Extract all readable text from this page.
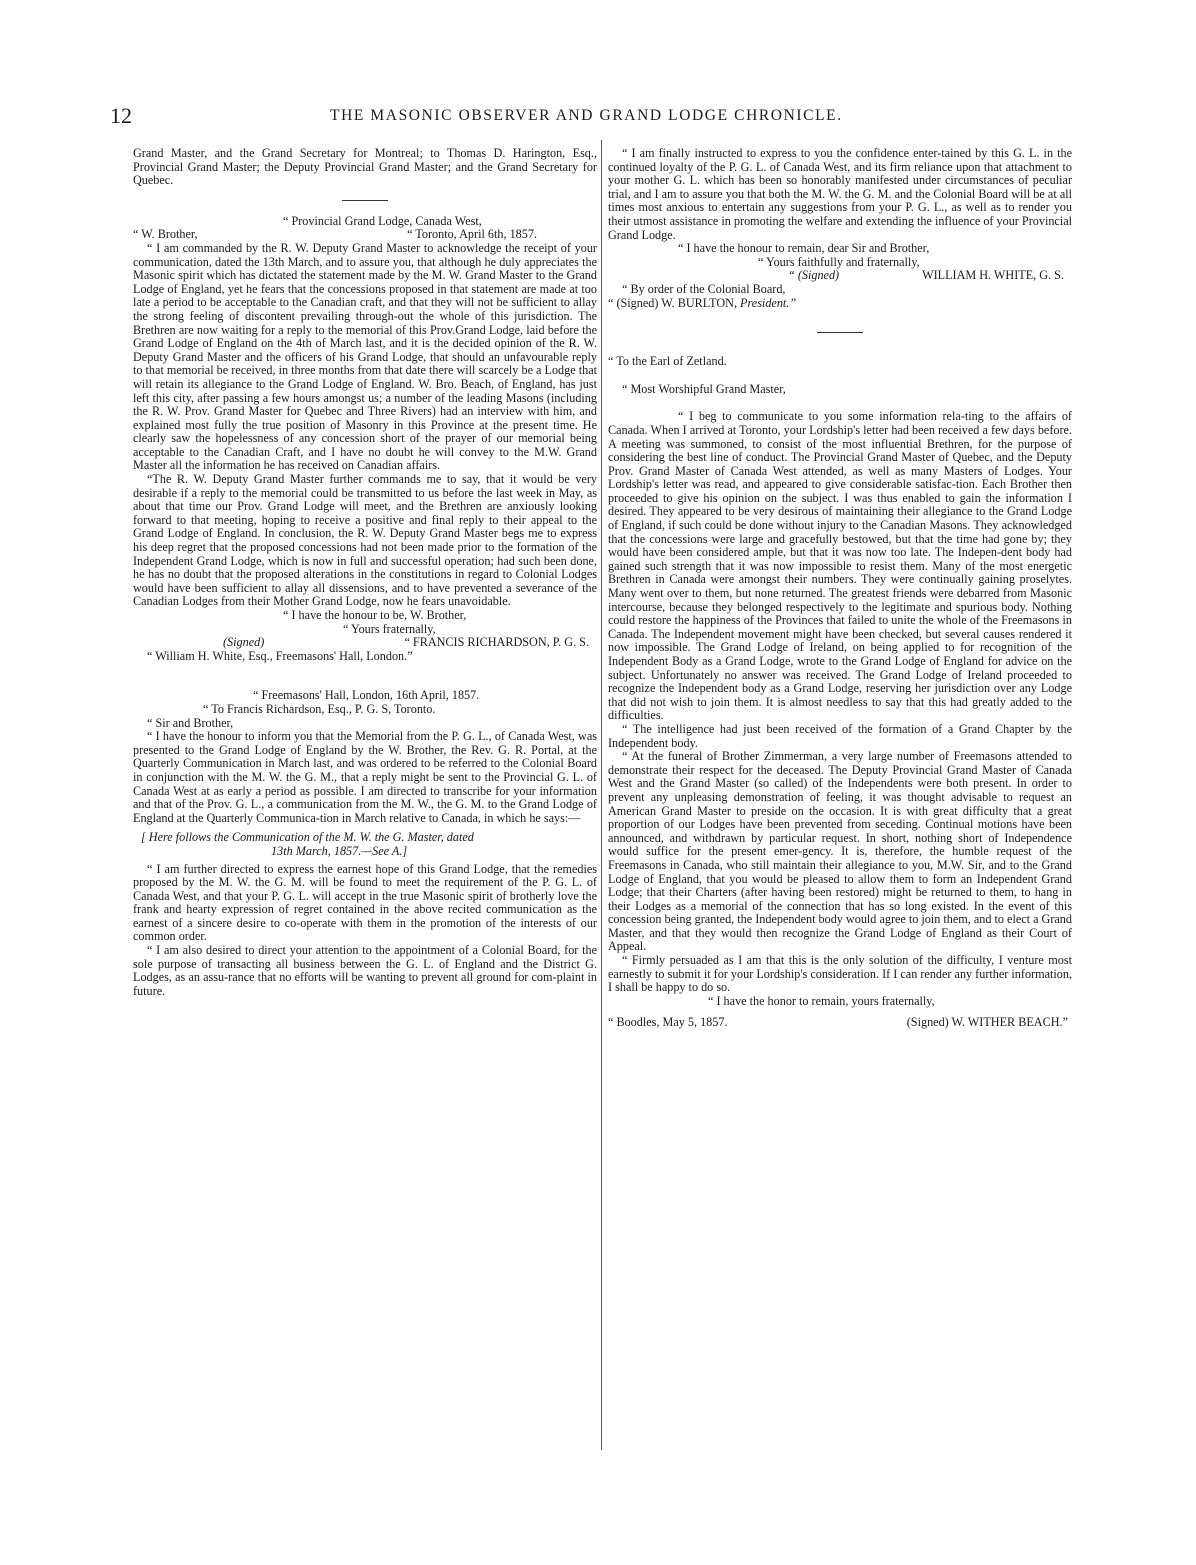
12	THE MASONIC OBSERVER AND GRAND LODGE CHRONICLE.

Grand Master, and the Grand Secretary for Montreal; to Thomas D. Harington, Esq., Provincial Grand Master; the Deputy Provincial Grand Master; and the Grand Secretary for Quebec.

“ Provincial Grand Lodge, Canada West,

“ W. Brother,	“ Toronto, April 6th, 1857.

“ I am commanded by the R. W. Deputy Grand Master to acknowledge the receipt of your communication, dated the 13th March, and to assure you, that although he duly appreciates the Masonic spirit which has dictated the statement made by the M. W. Grand Master to the Grand Lodge of England, yet he fears that the concessions proposed in that statement are made at too late a period to be acceptable to the Canadian craft, and that they will not be sufficient to allay the strong feeling of discontent prevailing through-out the whole of this jurisdiction. The Brethren are now waiting for a reply to the memorial of this Prov.Grand Lodge, laid before the Grand Lodge of England on the 4th of March last, and it is the decided opinion of the R. W. Deputy Grand Master and the officers of his Grand Lodge, that should an unfavourable reply to that memorial be received, in three months from that date there will scarcely be a Lodge that will retain its allegiance to the Grand Lodge of England. W. Bro. Beach, of England, has just left this city, after passing a few hours amongst us; a number of the leading Masons (including the R. W. Prov. Grand Master for Quebec and Three Rivers) had an interview with him, and explained most fully the true position of Masonry in this Province at the present time. He clearly saw the hopelessness of any concession short of the prayer of our memorial being acceptable to the Canadian Craft, and I have no doubt he will convey to the M.W. Grand Master all the information he has received on Canadian affairs.

“The R. W. Deputy Grand Master further commands me to say, that it would be very desirable if a reply to the memorial could be transmitted to us before the last week in May, as about that time our Prov. Grand Lodge will meet, and the Brethren are anxiously looking forward to that meeting, hoping to receive a positive and final reply to their appeal to the Grand Lodge of England. In conclusion, the R. W. Deputy Grand Master begs me to express his deep regret that the proposed concessions had not been made prior to the formation of the Independent Grand Lodge, which is now in full and successful operation; had such been done, he has no doubt that the proposed alterations in the constitutions in regard to Colonial Lodges would have been sufficient to allay all dissensions, and to have prevented a severance of the Canadian Lodges from their Mother Grand Lodge, now he fears unavoidable.

“ I have the honour to be, W. Brother,

“ Yours fraternally,

(Signed)	“ FRANCIS RICHARDSON, P. G. S.

“ William H. White, Esq., Freemasons' Hall, London.”

“ Freemasons' Hall, London, 16th April, 1857.

“ To Francis Richardson, Esq., P. G. S, Toronto.

“ Sir and Brother,

“ I have the honour to inform you that the Memorial from the P. G. L., of Canada West, was presented to the Grand Lodge of England by the W. Brother, the Rev. G. R. Portal, at the Quarterly Communication in March last, and was ordered to be referred to the Colonial Board in conjunction with the M. W. the G. M., that a reply might be sent to the Provincial G. L. of Canada West at as early a period as possible. I am directed to transcribe for your information and that of the Prov. G. L., a communication from the M. W., the G. M. to the Grand Lodge of England at the Quarterly Communica-tion in March relative to Canada, in which he says:—

[ Here follows the Communication of the M. W. the G. Master, dated
13th March, 1857.—See A.]

“ I am further directed to express the earnest hope of this Grand Lodge, that the remedies proposed by the M. W. the G. M. will be found to meet the requirement of the P. G. L. of Canada West, and that your P. G. L. will accept in the true Masonic spirit of brotherly love the frank and hearty expression of regret contained in the above recited communication as the earnest of a sincere desire to co-operate with them in the promotion of the interests of our common order.

“ I am also desired to direct your attention to the appointment of a Colonial Board, for the sole purpose of transacting all business between the G. L. of England and the District G. Lodges, as an assu-rance that no efforts will be wanting to prevent all ground for com-plaint in future.

“ I am finally instructed to express to you the confidence enter-tained by this G. L. in the continued loyalty of the P. G. L. of Canada West, and its firm reliance upon that attachment to your mother G. L. which has been so honorably manifested under circumstances of peculiar trial, and I am to assure you that both the M. W. the G. M. and the Colonial Board will be at all times most anxious to entertain any suggestions from your P. G. L., as well as to render you their utmost assistance in promoting the welfare and extending the influence of your Provincial Grand Lodge.

“ I have the honour to remain, dear Sir and Brother,

“ Yours faithfully and fraternally,

“ (Signed)	WILLIAM H. WHITE, G. S.

“ By order of the Colonial Board,

“ (Signed) W. BURLTON, President.”

“ To the Earl of Zetland.

“ Most Worshipful Grand Master,

“ I beg to communicate to you some information rela-ting to the affairs of Canada. When I arrived at Toronto, your Lordship's letter had been received a few days before. A meeting was summoned, to consist of the most influential Brethren, for the purpose of considering the best line of conduct. The Provincial Grand Master of Quebec, and the Deputy Prov. Grand Master of Canada West attended, as well as many Masters of Lodges. Your Lordship's letter was read, and appeared to give considerable satisfac-tion. Each Brother then proceeded to give his opinion on the subject. I was thus enabled to gain the information I desired. They appeared to be very desirous of maintaining their allegiance to the Grand Lodge of England, if such could be done without injury to the Canadian Masons. They acknowledged that the concessions were large and gracefully bestowed, but that the time had gone by; they would have been considered ample, but that it was now too late. The Indepen-dent body had gained such strength that it was now impossible to resist them. Many of the most energetic Brethren in Canada were amongst their numbers. They were continually gaining proselytes. Many went over to them, but none returned. The greatest friends were debarred from Masonic intercourse, because they belonged respectively to the legitimate and spurious body. Nothing could restore the happiness of the Provinces that failed to unite the whole of the Freemasons in Canada. The Independent movement might have been checked, but several causes rendered it now impossible. The Grand Lodge of Ireland, on being applied to for recognition of the Independent Body as a Grand Lodge, wrote to the Grand Lodge of England for advice on the subject. Unfortunately no answer was received. The Grand Lodge of Ireland proceeded to recognize the Independent body as a Grand Lodge, reserving her jurisdiction over any Lodge that did not wish to join them. It is almost needless to say that this had greatly added to the difficulties.

“ The intelligence had just been received of the formation of a Grand Chapter by the Independent body.

“ At the funeral of Brother Zimmerman, a very large number of Freemasons attended to demonstrate their respect for the deceased. The Deputy Provincial Grand Master of Canada West and the Grand Master (so called) of the Independents were both present. In order to prevent any unpleasing demonstration of feeling, it was thought advisable to request an American Grand Master to preside on the occasion. It is with great difficulty that a great proportion of our Lodges have been prevented from seceding. Continual motions have been announced, and withdrawn by particular request. In short, nothing short of Independence would suffice for the present emer-gency. It is, therefore, the humble request of the Freemasons in Canada, who still maintain their allegiance to you, M.W. Sir, and to the Grand Lodge of England, that you would be pleased to allow them to form an Independent Grand Lodge; that their Charters (after having been restored) might be returned to them, to hang in their Lodges as a memorial of the connection that has so long existed. In the event of this concession being granted, the Independent body would agree to join them, and to elect a Grand Master, and that they would then recognize the Grand Lodge of England as their Court of Appeal.

“ Firmly persuaded as I am that this is the only solution of the difficulty, I venture most earnestly to submit it for your Lordship's consideration. If I can render any further information, I shall be happy to do so.

“ I have the honor to remain, yours fraternally,

“ Boodles, May 5, 1857.	(Signed) W. WITHER BEACH.”
